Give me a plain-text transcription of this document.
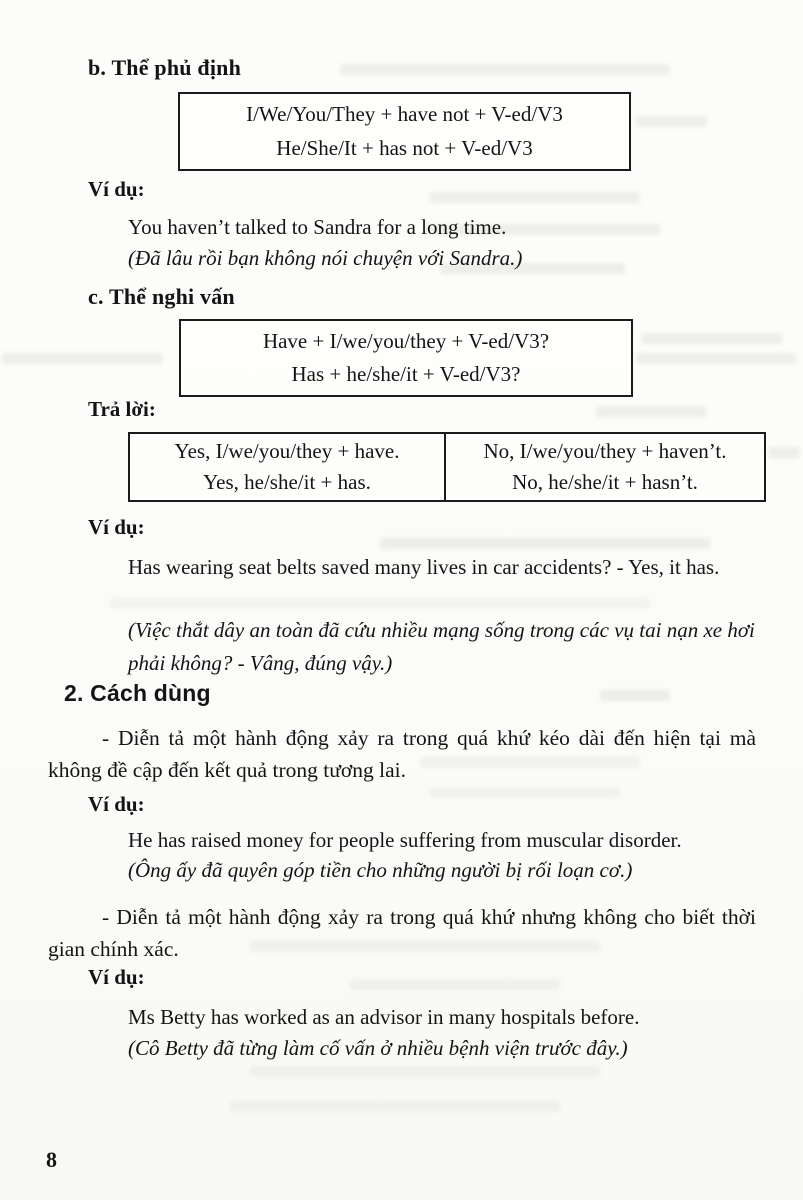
b. Thể phủ định
I/We/You/They + have not + V-ed/V3
He/She/It + has not + V-ed/V3
Ví dụ:
You haven’t talked to Sandra for a long time.
(Đã lâu rồi bạn không nói chuyện với Sandra.)
c. Thể nghi vấn
Have + I/we/you/they + V-ed/V3?
Has + he/she/it + V-ed/V3?
Trả lời:
Yes, I/we/you/they + have.
Yes, he/she/it + has.
No, I/we/you/they + haven’t.
No, he/she/it + hasn’t.
Ví dụ:
Has wearing seat belts saved many lives in car accidents? - Yes, it has.
(Việc thắt dây an toàn đã cứu nhiều mạng sống trong các vụ tai nạn xe hơi phải không? - Vâng, đúng vậy.)
2. Cách dùng

- Diễn tả một hành động xảy ra trong quá khứ kéo dài đến hiện tại mà không đề cập đến kết quả trong tương lai.

Ví dụ:
He has raised money for people suffering from muscular disorder.
(Ông ấy đã quyên góp tiền cho những người bị rối loạn cơ.)

- Diễn tả một hành động xảy ra trong quá khứ nhưng không cho biết thời gian chính xác.

Ví dụ:
Ms Betty has worked as an advisor in many hospitals before.
(Cô Betty đã từng làm cố vấn ở nhiều bệnh viện trước đây.)
8
